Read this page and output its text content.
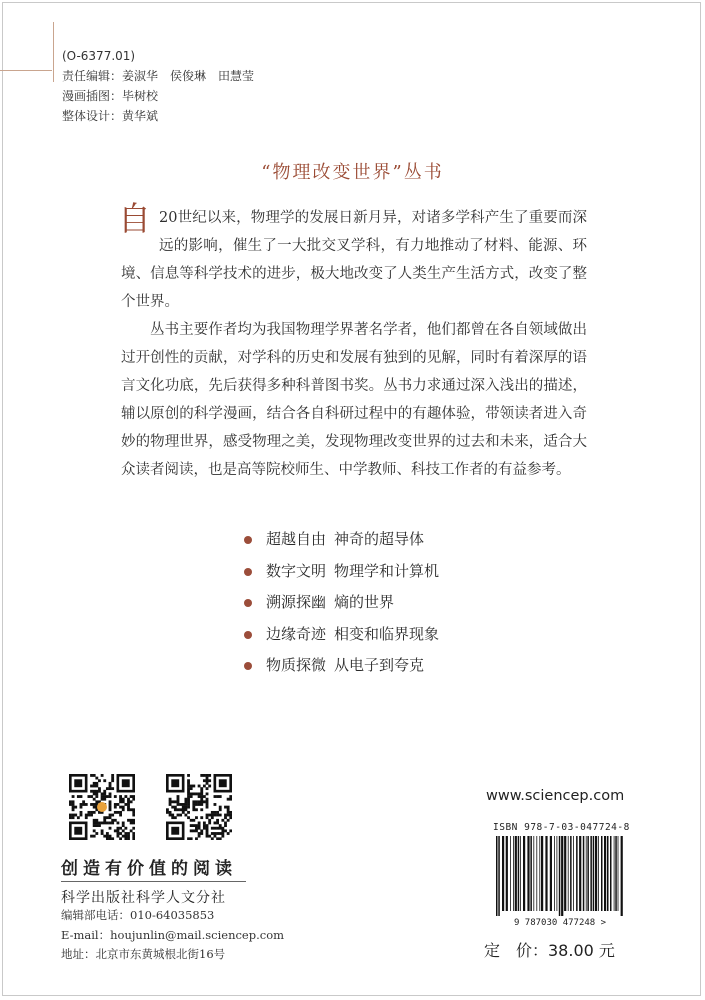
(O-6377.01)
责任编辑：姜淑华 侯俊琳 田慧莹
漫画插图：毕树校
整体设计：黄华斌
“物理改变世界”丛书

自 20世纪以来，物理学的发展日新月异，对诸多学科产生了重要而深远的影响，催生了一大批交叉学科，有力地推动了材料、能源、环境、信息等科学技术的进步，极大地改变了人类生产生活方式，改变了整个世界。

丛书主要作者均为我国物理学界著名学者，他们都曾在各自领域做出过开创性的贡献，对学科的历史和发展有独到的见解，同时有着深厚的语言文化功底，先后获得多种科普图书奖。丛书力求通过深入浅出的描述，辅以原创的科学漫画，结合各自科研过程中的有趣体验，带领读者进入奇妙的物理世界，感受物理之美，发现物理改变世界的过去和未来，适合大众读者阅读，也是高等院校师生、中学教师、科技工作者的有益参考。

超越自由 神奇的超导体
数字文明 物理学和计算机
溯源探幽 熵的世界
边缘奇迹 相变和临界现象
物质探微 从电子到夸克
创造有价值的阅读
科学出版社科学人文分社
编辑部电话：010-64035853
E-mail：houjunlin@mail.sciencep.com
地址：北京市东黄城根北街16号
www.sciencep.com
ISBN 978-7-03-047724-8
9 787030 477248 >
定　价：38.00 元
